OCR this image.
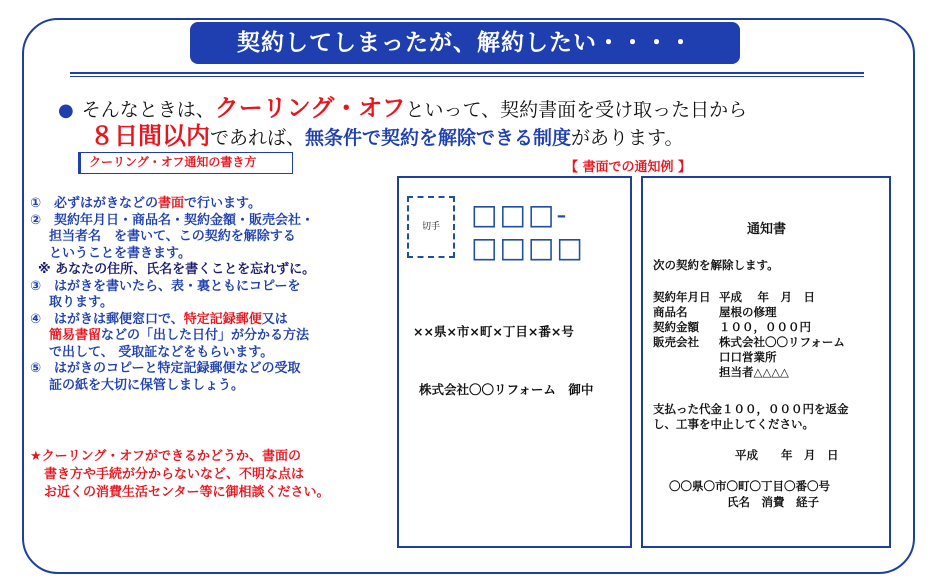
契約してしまったが、解約したい・・・・
● そんなときは、クーリング・オフといって、契約書面を受け取った日から
８日間以内であれば、無条件で契約を解除できる制度があります。
クーリング・オフ通知の書き方	【 書面での通知例 】

①　必ずはがきなどの書面で行います。

②　契約年月日・商品名・契約金額・販売会社・

担当者名　を書いて、この契約を解除する

ということを書きます。

※ あなたの住所、氏名を書くことを忘れずに。

③　はがきを書いたら、表・裏ともにコピーを

取ります。

④　はがきは郵便窓口で、特定記録郵便又は

簡易書留などの「出した日付」が分かる方法

で出して、 受取証などをもらいます。

⑤　はがきのコピーと特定記録郵便などの受取

証の紙を大切に保管しましょう。

★クーリング・オフができるかどうか、書面の
書き方や手続が分からないなど、不明な点は
お近くの消費生活センター等に御相談ください。
切手	□□□-□□□□
××県×市×町×丁目×番×号
株式会社〇〇リフォーム　御中
通知書
次の契約を解除します。
契約年月日 平成　 年　月　日
商品名	屋根の修理
契約金額	１００，０００円
販売会社	株式会社〇〇リフォーム
口口営業所
担当者△△△△
支払った代金１００，０００円を返金
し、工事を中止してください。
平成　　年　月　日
〇〇県〇市〇町〇丁目〇番〇号
氏名　消費　経子
